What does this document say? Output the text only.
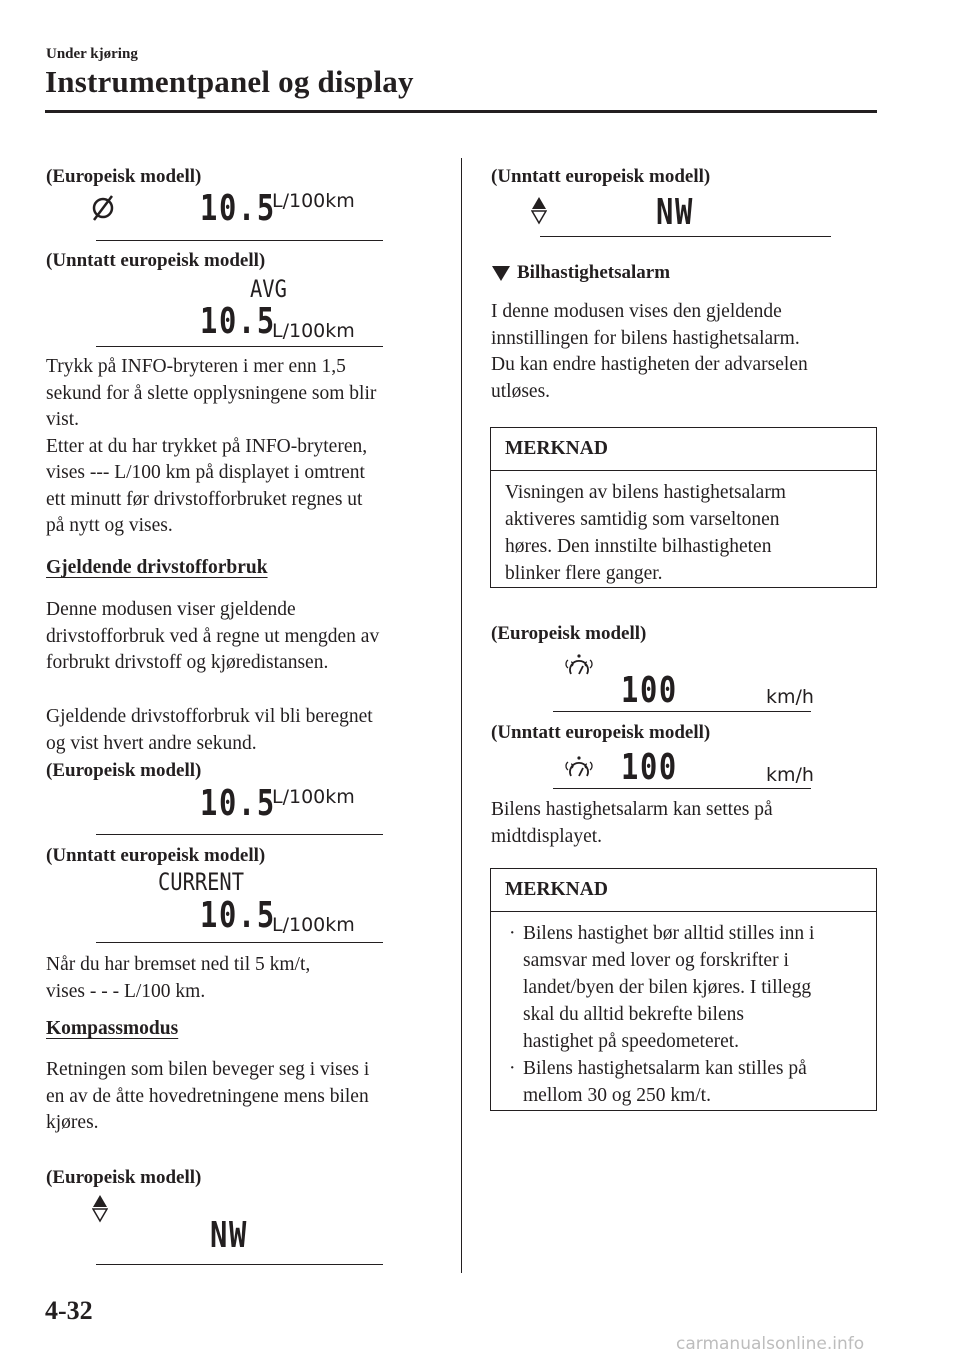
Under kjøring
Instrumentpanel og display
(Europeisk modell)
10.5
L/100km
(Unntatt europeisk modell)
AVG
10.5
L/100km
Trykk på INFO-bryteren i mer enn 1,5
sekund for å slette opplysningene som blir
vist.
Etter at du har trykket på INFO-bryteren,
vises --- L/100 km på displayet i omtrent
ett minutt før drivstofforbruket regnes ut
på nytt og vises.
Gjeldende drivstofforbruk
Denne modusen viser gjeldende
drivstofforbruk ved å regne ut mengden av
forbrukt drivstoff og kjøredistansen.
Gjeldende drivstofforbruk vil bli beregnet
og vist hvert andre sekund.
(Europeisk modell)
10.5
L/100km
(Unntatt europeisk modell)
CURRENT
10.5
L/100km
Når du har bremset ned til 5 km/t,
vises - - - L/100 km.
Kompassmodus
Retningen som bilen beveger seg i vises i
en av de åtte hovedretningene mens bilen
kjøres.
(Europeisk modell)
NW
(Unntatt europeisk modell)
NW
Bilhastighetsalarm
I denne modusen vises den gjeldende
innstillingen for bilens hastighetsalarm.
Du kan endre hastigheten der advarselen
utløses.
MERKNAD
Visningen av bilens hastighetsalarm
aktiveres samtidig som varseltonen
høres. Den innstilte bilhastigheten
blinker flere ganger.
(Europeisk modell)
100	km/h
(Unntatt europeisk modell)
100	km/h
Bilens hastighetsalarm kan settes på
midtdisplayet.
MERKNAD
· Bilens hastighet bør alltid stilles inn i
samsvar med lover og forskrifter i
landet/byen der bilen kjøres. I tillegg
skal du alltid bekrefte bilens
hastighet på speedometeret.
· Bilens hastighetsalarm kan stilles på
mellom 30 og 250 km/t.
4-32
carmanualsonline.info
